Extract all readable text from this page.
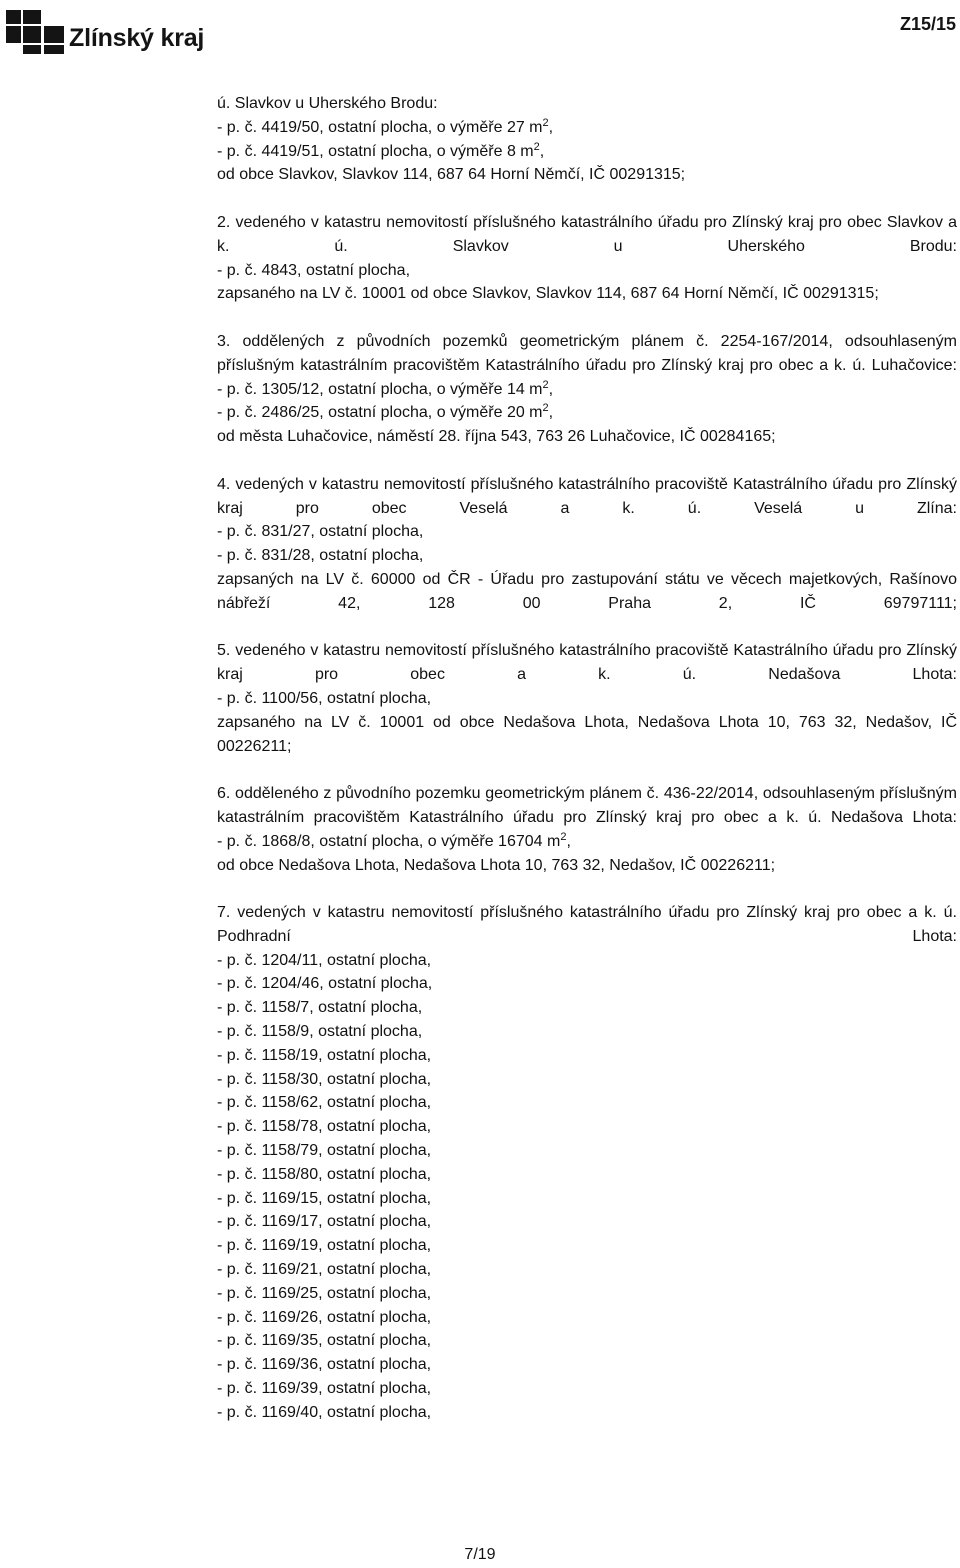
Zlínský kraj	Z15/15
ú. Slavkov u Uherského Brodu:
- p. č. 4419/50, ostatní plocha, o výměře 27 $m^2$,
- p. č. 4419/51, ostatní plocha, o výměře 8 $m^2$,
od obce Slavkov, Slavkov 114, 687 64 Horní Němčí, IČ 00291315;
2. vedeného v katastru nemovitostí příslušného katastrálního úřadu pro Zlínský kraj pro obec Slavkov a k. ú. Slavkov u Uherského Brodu:
- p. č. 4843, ostatní plocha,
zapsaného na LV č. 10001 od obce Slavkov, Slavkov 114, 687 64 Horní Němčí, IČ 00291315;
3. oddělených z původních pozemků geometrickým plánem č. 2254-167/2014, odsouhlaseným příslušným katastrálním pracovištěm Katastrálního úřadu pro Zlínský kraj pro obec a k. ú. Luhačovice:
- p. č. 1305/12, ostatní plocha, o výměře 14 $m^2$,
- p. č. 2486/25, ostatní plocha, o výměře 20 $m^2$,
od města Luhačovice, náměstí 28. října 543, 763 26 Luhačovice, IČ 00284165;
4. vedených v katastru nemovitostí příslušného katastrálního pracoviště Katastrálního úřadu pro Zlínský kraj pro obec Veselá a k. ú. Veselá u Zlína:
- p. č. 831/27, ostatní plocha,
- p. č. 831/28, ostatní plocha,
zapsaných na LV č. 60000 od ČR - Úřadu pro zastupování státu ve věcech majetkových, Rašínovo nábřeží 42, 128 00 Praha 2, IČ 69797111;
5. vedeného v katastru nemovitostí příslušného katastrálního pracoviště Katastrálního úřadu pro Zlínský kraj pro obec a k. ú. Nedašova Lhota:
- p. č. 1100/56, ostatní plocha,
zapsaného na LV č. 10001 od obce Nedašova Lhota, Nedašova Lhota 10, 763 32, Nedašov, IČ 00226211;
6. odděleného z původního pozemku geometrickým plánem č. 436-22/2014, odsouhlaseným příslušným katastrálním pracovištěm Katastrálního úřadu pro Zlínský kraj pro obec a k. ú. Nedašova Lhota:
- p. č. 1868/8, ostatní plocha, o výměře 16704 $m^2$,
od obce Nedašova Lhota, Nedašova Lhota 10, 763 32, Nedašov, IČ 00226211;
7. vedených v katastru nemovitostí příslušného katastrálního úřadu pro Zlínský kraj pro obec a k. ú. Podhradní Lhota:
- p. č. 1204/11, ostatní plocha,
- p. č. 1204/46, ostatní plocha,
- p. č. 1158/7, ostatní plocha,
- p. č. 1158/9, ostatní plocha,
- p. č. 1158/19, ostatní plocha,
- p. č. 1158/30, ostatní plocha,
- p. č. 1158/62, ostatní plocha,
- p. č. 1158/78, ostatní plocha,
- p. č. 1158/79, ostatní plocha,
- p. č. 1158/80, ostatní plocha,
- p. č. 1169/15, ostatní plocha,
- p. č. 1169/17, ostatní plocha,
- p. č. 1169/19, ostatní plocha,
- p. č. 1169/21, ostatní plocha,
- p. č. 1169/25, ostatní plocha,
- p. č. 1169/26, ostatní plocha,
- p. č. 1169/35, ostatní plocha,
- p. č. 1169/36, ostatní plocha,
- p. č. 1169/39, ostatní plocha,
- p. č. 1169/40, ostatní plocha,
7/19
